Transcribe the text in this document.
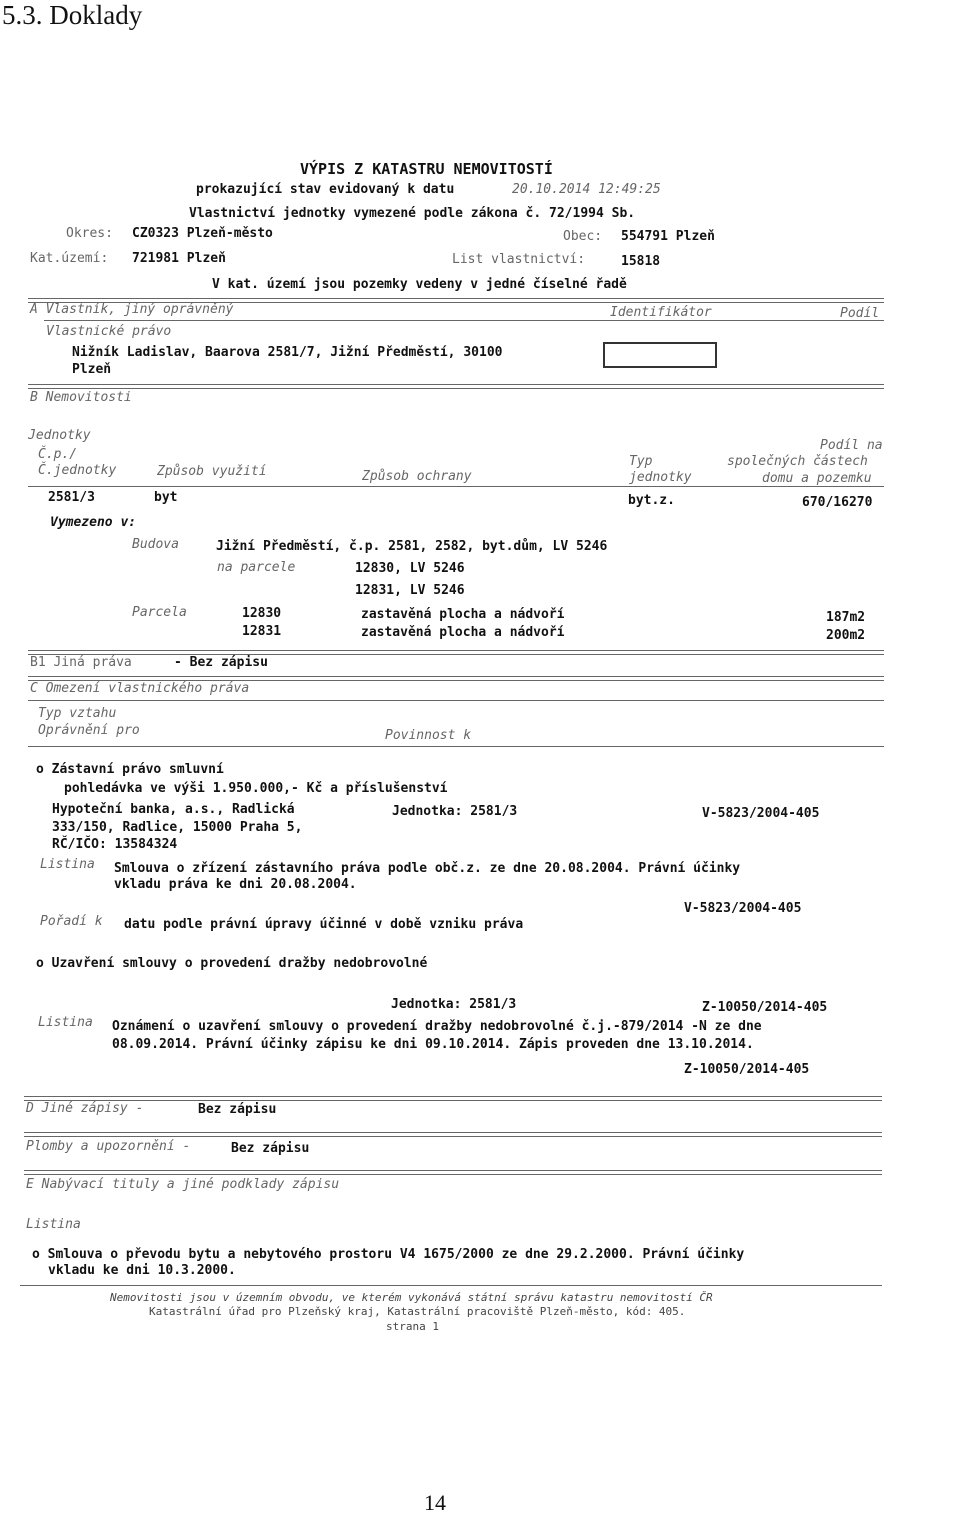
5.3. Doklady
VÝPIS Z KATASTRU NEMOVITOSTÍ
prokazující stav evidovaný k datu	20.10.2014 12:49:25
Vlastnictví jednotky vymezené podle zákona č. 72/1994 Sb.
Okres: CZ0323 Plzeň-město	Obec: 554791 Plzeň
Kat.území: 721981 Plzeň	List vlastnictví:	15818
V kat. území jsou pozemky vedeny v jedné číselné řadě
A Vlastník, jiný oprávněný	Identifikátor	Podíl
Vlastnické právo
Nižník Ladislav, Baarova 2581/7, Jižní Předměstí, 30100
Plzeň
B Nemovitosti
Jednotky
Č.p./
Č.jednotky	Způsob využití	Způsob ochrany
Typ
jednotky
Podíl na
společných částech
domu a pozemku
2581/3	byt	byt.z.	670/16270
Vymezeno v:
Budova	Jižní Předměstí, č.p. 2581, 2582, byt.dům, LV 5246
na parcele	12830, LV 5246
12831, LV 5246
Parcela	12830	zastavěná plocha a nádvoří	187m2
12831	zastavěná plocha a nádvoří	200m2
B1 Jiná práva	- Bez zápisu
C Omezení vlastnického práva
Typ vztahu
Oprávnění pro	Povinnost k
o Zástavní právo smluvní
pohledávka ve výši 1.950.000,- Kč a příslušenství
Hypoteční banka, a.s., Radlická
333/150, Radlice, 15000 Praha 5,
RČ/IČO: 13584324
Jednotka: 2581/3	V-5823/2004-405
Listina Smlouva o zřízení zástavního práva podle obč.z. ze dne 20.08.2004. Právní účinky
vkladu práva ke dni 20.08.2004.
V-5823/2004-405
Pořadí k datu podle právní úpravy účinné v době vzniku práva
o Uzavření smlouvy o provedení dražby nedobrovolné
Jednotka: 2581/3	Z-10050/2014-405
Listina Oznámení o uzavření smlouvy o provedení dražby nedobrovolné č.j.-879/2014 -N ze dne
08.09.2014. Právní účinky zápisu ke dni 09.10.2014. Zápis proveden dne 13.10.2014.
Z-10050/2014-405
D Jiné zápisy -	Bez zápisu
Plomby a upozornění -	Bez zápisu
E Nabývací tituly a jiné podklady zápisu
Listina
o Smlouva o převodu bytu a nebytového prostoru V4 1675/2000 ze dne 29.2.2000. Právní účinky
vkladu ke dni 10.3.2000.
Nemovitosti jsou v územním obvodu, ve kterém vykonává státní správu katastru nemovitostí ČR
Katastrální úřad pro Plzeňský kraj, Katastrální pracoviště Plzeň-město, kód: 405.
strana 1
14
